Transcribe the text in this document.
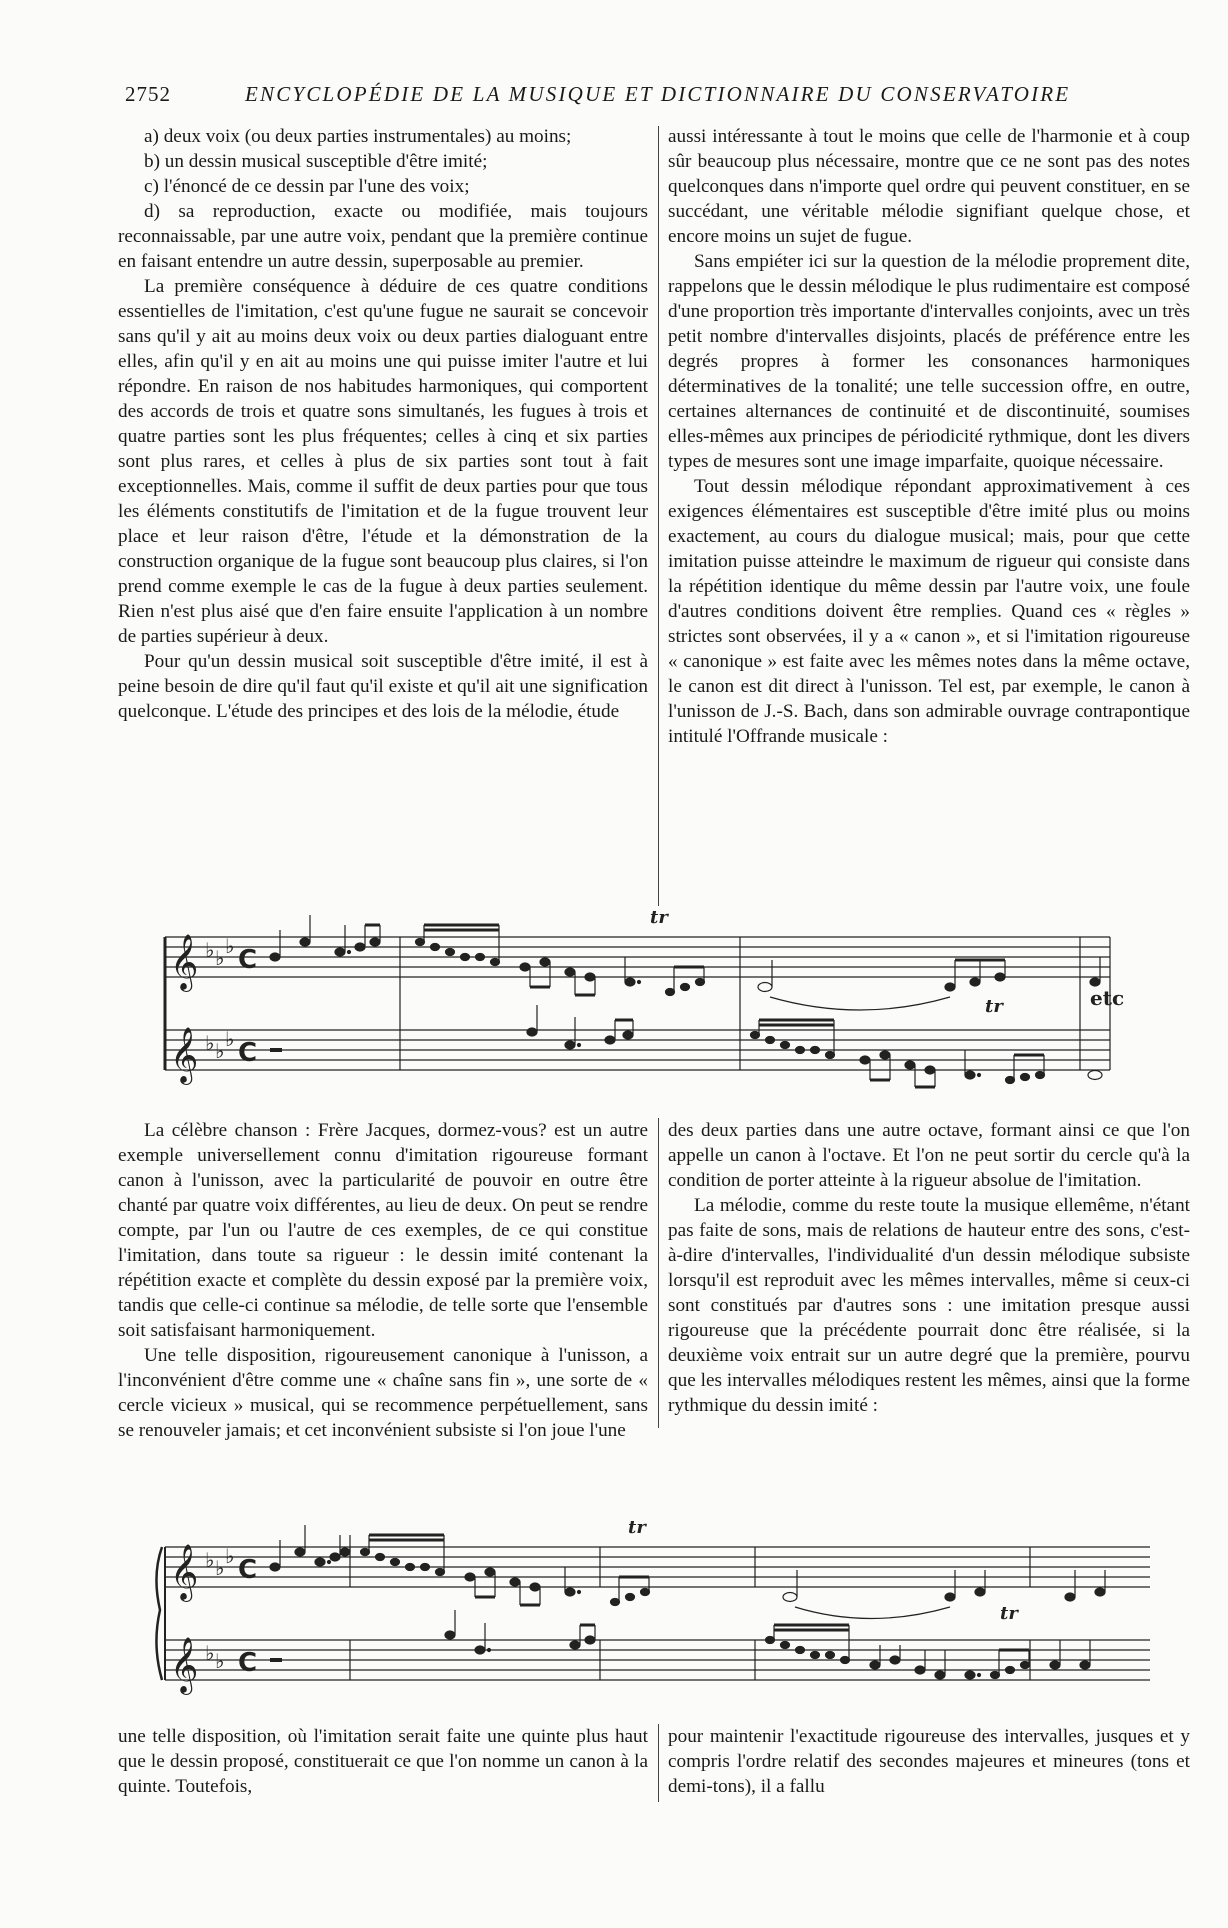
2752	ENCYCLOPÉDIE DE LA MUSIQUE ET DICTIONNAIRE DU CONSERVATOIRE

a) deux voix (ou deux parties instrumentales) au moins;

b) un dessin musical susceptible d'être imité;

c) l'énoncé de ce dessin par l'une des voix;

d) sa reproduction, exacte ou modifiée, mais toujours reconnaissable, par une autre voix, pendant que la première continue en faisant entendre un autre dessin, superposable au premier.

La première conséquence à déduire de ces quatre conditions essentielles de l'imitation, c'est qu'une fugue ne saurait se concevoir sans qu'il y ait au moins deux voix ou deux parties dialoguant entre elles, afin qu'il y en ait au moins une qui puisse imiter l'autre et lui répondre. En raison de nos habitudes harmoniques, qui comportent des accords de trois et quatre sons simultanés, les fugues à trois et quatre parties sont les plus fréquentes; celles à cinq et six parties sont plus rares, et celles à plus de six parties sont tout à fait exceptionnelles. Mais, comme il suffit de deux parties pour que tous les éléments constitutifs de l'imitation et de la fugue trouvent leur place et leur raison d'être, l'étude et la démonstration de la construction organique de la fugue sont beaucoup plus claires, si l'on prend comme exemple le cas de la fugue à deux parties seulement. Rien n'est plus aisé que d'en faire ensuite l'application à un nombre de parties supérieur à deux.

Pour qu'un dessin musical soit susceptible d'être imité, il est à peine besoin de dire qu'il faut qu'il existe et qu'il ait une signification quelconque. L'étude des principes et des lois de la mélodie, étude

aussi intéressante à tout le moins que celle de l'harmonie et à coup sûr beaucoup plus nécessaire, montre que ce ne sont pas des notes quelconques dans n'importe quel ordre qui peuvent constituer, en se succédant, une véritable mélodie signifiant quelque chose, et encore moins un sujet de fugue.

Sans empiéter ici sur la question de la mélodie proprement dite, rappelons que le dessin mélodique le plus rudimentaire est composé d'une proportion très importante d'intervalles conjoints, avec un très petit nombre d'intervalles disjoints, placés de préférence entre les degrés propres à former les consonances harmoniques déterminatives de la tonalité; une telle succession offre, en outre, certaines alternances de continuité et de discontinuité, soumises elles-mêmes aux principes de périodicité rythmique, dont les divers types de mesures sont une image imparfaite, quoique nécessaire.

Tout dessin mélodique répondant approximativement à ces exigences élémentaires est susceptible d'être imité plus ou moins exactement, au cours du dialogue musical; mais, pour que cette imitation puisse atteindre le maximum de rigueur qui consiste dans la répétition identique du même dessin par l'autre voix, une foule d'autres conditions doivent être remplies. Quand ces « règles » strictes sont observées, il y a « canon », et si l'imitation rigoureuse « canonique » est faite avec les mêmes notes dans la même octave, le canon est dit direct à l'unisson. Tel est, par exemple, le canon à l'unisson de J.-S. Bach, dans son admirable ouvrage contrapontique intitulé l'Offrande musicale :

𝄞
𝄞
♭ ♭ ♭
♭ ♭ ♭
C
C
tr
tr	etc

La célèbre chanson : Frère Jacques, dormez-vous? est un autre exemple universellement connu d'imitation rigoureuse formant canon à l'unisson, avec la particularité de pouvoir en outre être chanté par quatre voix différentes, au lieu de deux. On peut se rendre compte, par l'un ou l'autre de ces exemples, de ce qui constitue l'imitation, dans toute sa rigueur : le dessin imité contenant la répétition exacte et complète du dessin exposé par la première voix, tandis que celle-ci continue sa mélodie, de telle sorte que l'ensemble soit satisfaisant harmoniquement.

Une telle disposition, rigoureusement canonique à l'unisson, a l'inconvénient d'être comme une « chaîne sans fin », une sorte de « cercle vicieux » musical, qui se recommence perpétuellement, sans se renouveler jamais; et cet inconvénient subsiste si l'on joue l'une

des deux parties dans une autre octave, formant ainsi ce que l'on appelle un canon à l'octave. Et l'on ne peut sortir du cercle qu'à la condition de porter atteinte à la rigueur absolue de l'imitation.

La mélodie, comme du reste toute la musique ellemême, n'étant pas faite de sons, mais de relations de hauteur entre des sons, c'est-à-dire d'intervalles, l'individualité d'un dessin mélodique subsiste lorsqu'il est reproduit avec les mêmes intervalles, même si ceux-ci sont constitués par d'autres sons : une imitation presque aussi rigoureuse que la précédente pourrait donc être réalisée, si la deuxième voix entrait sur un autre degré que la première, pourvu que les intervalles mélodiques restent les mêmes, ainsi que la forme rythmique du dessin imité :

𝄞
𝄞
♭ ♭ ♭
♭ ♭
C
C
tr
tr

une telle disposition, où l'imitation serait faite une quinte plus haut que le dessin proposé, constituerait ce que l'on nomme un canon à la quinte. Toutefois,

pour maintenir l'exactitude rigoureuse des intervalles, jusques et y compris l'ordre relatif des secondes majeures et mineures (tons et demi-tons), il a fallu
